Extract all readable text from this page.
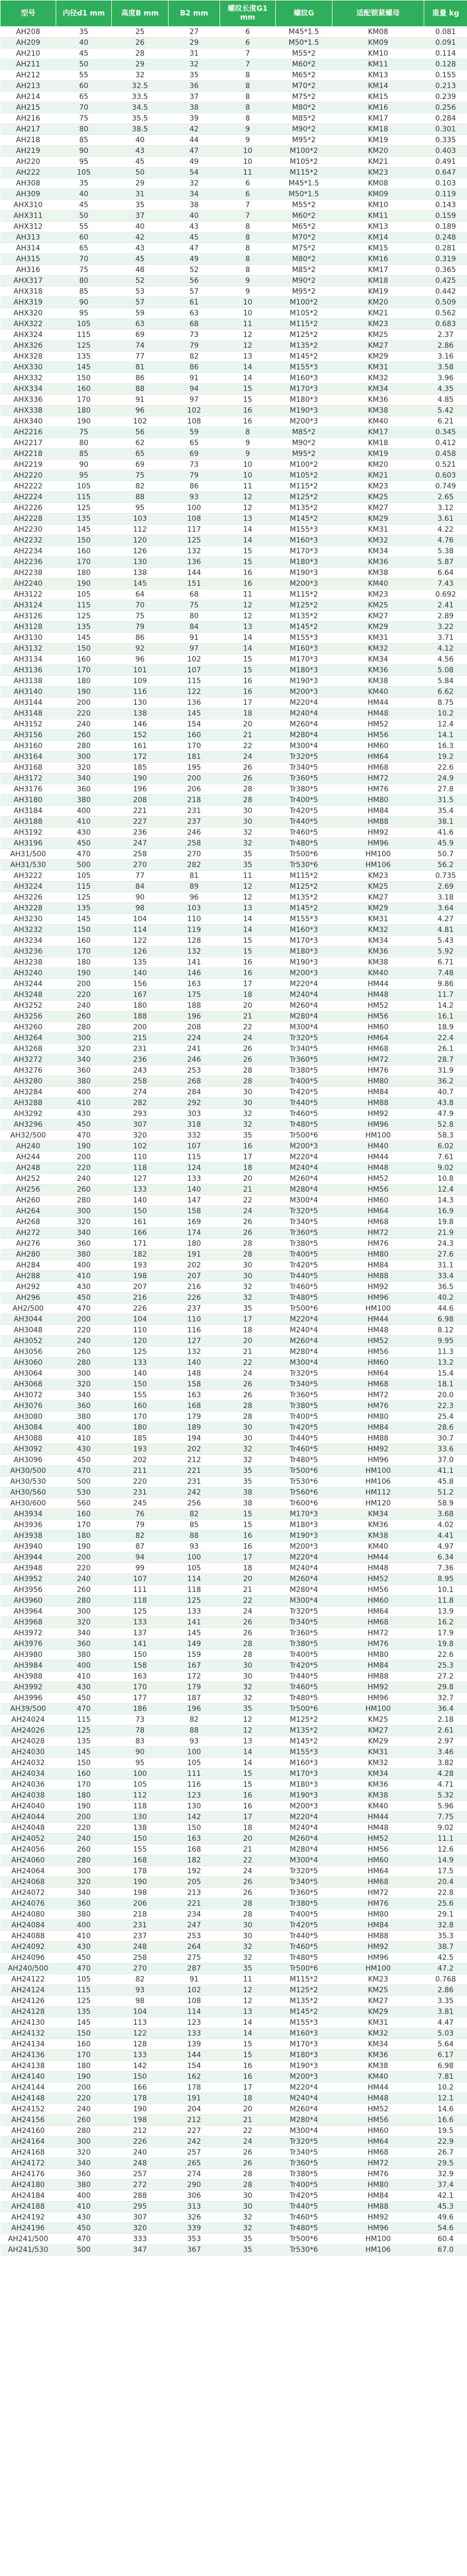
型号	内径d1 mm	高度B mm	B2 mm	螺纹长度G1 mm	螺纹G	适配锁紧螺母	重量 kg
AH208	35	25	27	6	M45*1.5	KM08	0.081
AH209	40	26	29	6	M50*1.5	KM09	0.091
AH210	45	28	31	7	M55*2	KM10	0.114
AH211	50	29	32	7	M60*2	KM11	0.128
AH212	55	32	35	8	M65*2	KM13	0.155
AH213	60	32.5	36	8	M70*2	KM14	0.213
AH214	65	33.5	37	8	M75*2	KM15	0.239
AH215	70	34.5	38	8	M80*2	KM16	0.256
AH216	75	35.5	39	8	M85*2	KM17	0.284
AH217	80	38.5	42	9	M90*2	KM18	0.301
AH218	85	40	44	9	M95*2	KM19	0.335
AH219	90	43	47	10	M100*2	KM20	0.403
AH220	95	45	49	10	M105*2	KM21	0.491
AH222	105	50	54	11	M115*2	KM23	0.647
AH308	35	29	32	6	M45*1.5	KM08	0.103
AH309	40	31	34	6	M50*1.5	KM09	0.119
AHX310	45	35	38	7	M55*2	KM10	0.143
AHX311	50	37	40	7	M60*2	KM11	0.159
AHX312	55	40	43	8	M65*2	KM13	0.189
AH313	60	42	45	8	M70*2	KM14	0.248
AH314	65	43	47	8	M75*2	KM15	0.281
AH315	70	45	49	8	M80*2	KM16	0.319
AH316	75	48	52	8	M85*2	KM17	0.365
AHX317	80	52	56	9	M90*2	KM18	0.425
AHX318	85	53	57	9	M95*2	KM19	0.442
AHX319	90	57	61	10	M100*2	KM20	0.509
AHX320	95	59	63	10	M105*2	KM21	0.562
AHX322	105	63	68	11	M115*2	KM23	0.683
AHX324	115	69	73	12	M125*2	KM25	2.37
AHX326	125	74	79	12	M135*2	KM27	2.86
AHX328	135	77	82	13	M145*2	KM29	3.16
AHX330	145	81	86	14	M155*3	KM31	3.58
AHX332	150	86	91	14	M160*3	KM32	3.96
AHX334	160	88	94	15	M170*3	KM34	4.35
AHX336	170	91	97	15	M180*3	KM36	4.85
AHX338	180	96	102	16	M190*3	KM38	5.42
AHX340	190	102	108	16	M200*3	KM40	6.21
AH2216	75	56	59	8	M85*2	KM17	0.345
AH2217	80	62	65	9	M90*2	KM18	0.412
AH2218	85	65	69	9	M95*2	KM19	0.458
AH2219	90	69	73	10	M100*2	KM20	0.521
AH2220	95	75	79	10	M105*2	KM21	0.603
AH2222	105	82	86	11	M115*2	KM23	0.749
AH2224	115	88	93	12	M125*2	KM25	2.65
AH2226	125	95	100	12	M135*2	KM27	3.12
AH2228	135	103	108	13	M145*2	KM29	3.61
AH2230	145	112	117	14	M155*3	KM31	4.22
AH2232	150	120	125	14	M160*3	KM32	4.76
AH2234	160	126	132	15	M170*3	KM34	5.38
AH2236	170	130	136	15	M180*3	KM36	5.87
AH2238	180	138	144	16	M190*3	KM38	6.64
AH2240	190	145	151	16	M200*3	KM40	7.43
AH3122	105	64	68	11	M115*2	KM23	0.692
AH3124	115	70	75	12	M125*2	KM25	2.41
AH3126	125	75	80	12	M135*2	KM27	2.89
AH3128	135	79	84	13	M145*2	KM29	3.22
AH3130	145	86	91	14	M155*3	KM31	3.71
AH3132	150	92	97	14	M160*3	KM32	4.12
AH3134	160	96	102	15	M170*3	KM34	4.56
AH3136	170	101	107	15	M180*3	KM36	5.08
AH3138	180	109	115	16	M190*3	KM38	5.84
AH3140	190	116	122	16	M200*3	KM40	6.62
AH3144	200	130	136	17	M220*4	HM44	8.75
AH3148	220	138	145	18	M240*4	HM48	10.2
AH3152	240	146	154	20	M260*4	HM52	12.4
AH3156	260	152	160	21	M280*4	HM56	14.1
AH3160	280	161	170	22	M300*4	HM60	16.3
AH3164	300	172	181	24	Tr320*5	HM64	19.2
AH3168	320	185	195	26	Tr340*5	HM68	22.6
AH3172	340	190	200	26	Tr360*5	HM72	24.9
AH3176	360	196	206	28	Tr380*5	HM76	27.8
AH3180	380	208	218	28	Tr400*5	HM80	31.5
AH3184	400	221	231	30	Tr420*5	HM84	35.4
AH3188	410	227	237	30	Tr440*5	HM88	38.1
AH3192	430	236	246	32	Tr460*5	HM92	41.6
AH3196	450	247	258	32	Tr480*5	HM96	45.9
AH31/500	470	258	270	35	Tr500*6	HM100	50.7
AH31/530	500	270	282	35	Tr530*6	HM106	56.2
AH3222	105	77	81	11	M115*2	KM23	0.735
AH3224	115	84	89	12	M125*2	KM25	2.69
AH3226	125	90	96	12	M135*2	KM27	3.18
AH3228	135	98	103	13	M145*2	KM29	3.64
AH3230	145	104	110	14	M155*3	KM31	4.27
AH3232	150	114	119	14	M160*3	KM32	4.81
AH3234	160	122	128	15	M170*3	KM34	5.43
AH3236	170	126	132	15	M180*3	KM36	5.92
AH3238	180	135	141	16	M190*3	KM38	6.71
AH3240	190	140	146	16	M200*3	KM40	7.48
AH3244	200	156	163	17	M220*4	HM44	9.86
AH3248	220	167	175	18	M240*4	HM48	11.7
AH3252	240	180	188	20	M260*4	HM52	14.2
AH3256	260	188	196	21	M280*4	HM56	16.1
AH3260	280	200	208	22	M300*4	HM60	18.9
AH3264	300	215	224	24	Tr320*5	HM64	22.4
AH3268	320	231	241	26	Tr340*5	HM68	26.1
AH3272	340	236	246	26	Tr360*5	HM72	28.7
AH3276	360	243	253	28	Tr380*5	HM76	31.9
AH3280	380	258	268	28	Tr400*5	HM80	36.2
AH3284	400	274	284	30	Tr420*5	HM84	40.7
AH3288	410	282	292	30	Tr440*5	HM88	43.8
AH3292	430	293	303	32	Tr460*5	HM92	47.9
AH3296	450	307	318	32	Tr480*5	HM96	52.8
AH32/500	470	320	332	35	Tr500*6	HM100	58.3
AH240	190	102	107	16	M200*3	HM40	6.02
AH244	200	110	115	17	M220*4	HM44	7.61
AH248	220	118	124	18	M240*4	HM48	9.02
AH252	240	127	133	20	M260*4	HM52	10.8
AH256	260	133	140	21	M280*4	HM56	12.4
AH260	280	140	147	22	M300*4	HM60	14.3
AH264	300	150	158	24	Tr320*5	HM64	16.9
AH268	320	161	169	26	Tr340*5	HM68	19.8
AH272	340	166	174	26	Tr360*5	HM72	21.9
AH276	360	171	180	28	Tr380*5	HM76	24.3
AH280	380	182	191	28	Tr400*5	HM80	27.6
AH284	400	193	202	30	Tr420*5	HM84	31.1
AH288	410	198	207	30	Tr440*5	HM88	33.4
AH292	430	207	216	32	Tr460*5	HM92	36.5
AH296	450	216	226	32	Tr480*5	HM96	40.2
AH2/500	470	226	237	35	Tr500*6	HM100	44.6
AH3044	200	104	110	17	M220*4	HM44	6.98
AH3048	220	110	116	18	M240*4	HM48	8.12
AH3052	240	120	127	20	M260*4	HM52	9.95
AH3056	260	125	132	21	M280*4	HM56	11.3
AH3060	280	133	140	22	M300*4	HM60	13.2
AH3064	300	140	148	24	Tr320*5	HM64	15.4
AH3068	320	150	158	26	Tr340*5	HM68	18.1
AH3072	340	155	163	26	Tr360*5	HM72	20.0
AH3076	360	160	168	28	Tr380*5	HM76	22.3
AH3080	380	170	179	28	Tr400*5	HM80	25.4
AH3084	400	180	189	30	Tr420*5	HM84	28.6
AH3088	410	185	194	30	Tr440*5	HM88	30.7
AH3092	430	193	202	32	Tr460*5	HM92	33.6
AH3096	450	202	212	32	Tr480*5	HM96	37.0
AH30/500	470	211	221	35	Tr500*6	HM100	41.1
AH30/530	500	220	231	35	Tr530*6	HM106	45.8
AH30/560	530	231	242	38	Tr560*6	HM112	51.2
AH30/600	560	245	256	38	Tr600*6	HM120	58.9
AH3934	160	76	82	15	M170*3	KM34	3.68
AH3936	170	79	85	15	M180*3	KM36	4.02
AH3938	180	82	88	16	M190*3	KM38	4.41
AH3940	190	87	93	16	M200*3	KM40	4.97
AH3944	200	94	100	17	M220*4	HM44	6.34
AH3948	220	99	105	18	M240*4	HM48	7.36
AH3952	240	107	114	20	M260*4	HM52	8.95
AH3956	260	111	118	21	M280*4	HM56	10.1
AH3960	280	118	125	22	M300*4	HM60	11.8
AH3964	300	125	133	24	Tr320*5	HM64	13.9
AH3968	320	133	141	26	Tr340*5	HM68	16.2
AH3972	340	137	145	26	Tr360*5	HM72	17.9
AH3976	360	141	149	28	Tr380*5	HM76	19.8
AH3980	380	150	159	28	Tr400*5	HM80	22.6
AH3984	400	158	167	30	Tr420*5	HM84	25.3
AH3988	410	163	172	30	Tr440*5	HM88	27.2
AH3992	430	170	179	32	Tr460*5	HM92	29.8
AH3996	450	177	187	32	Tr480*5	HM96	32.7
AH39/500	470	186	196	35	Tr500*6	HM100	36.4
AH24024	115	73	82	12	M125*2	KM25	2.18
AH24026	125	78	88	12	M135*2	KM27	2.61
AH24028	135	83	93	13	M145*2	KM29	2.97
AH24030	145	90	100	14	M155*3	KM31	3.46
AH24032	150	95	105	14	M160*3	KM32	3.82
AH24034	160	100	111	15	M170*3	KM34	4.28
AH24036	170	105	116	15	M180*3	KM36	4.71
AH24038	180	112	123	16	M190*3	KM38	5.32
AH24040	190	118	130	16	M200*3	KM40	5.96
AH24044	200	130	142	17	M220*4	HM44	7.75
AH24048	220	138	150	18	M240*4	HM48	9.02
AH24052	240	150	163	20	M260*4	HM52	11.1
AH24056	260	155	168	21	M280*4	HM56	12.6
AH24060	280	168	182	22	M300*4	HM60	14.9
AH24064	300	178	192	24	Tr320*5	HM64	17.5
AH24068	320	190	205	26	Tr340*5	HM68	20.4
AH24072	340	198	213	26	Tr360*5	HM72	22.8
AH24076	360	206	221	28	Tr380*5	HM76	25.6
AH24080	380	218	234	28	Tr400*5	HM80	29.1
AH24084	400	231	247	30	Tr420*5	HM84	32.8
AH24088	410	237	253	30	Tr440*5	HM88	35.3
AH24092	430	248	264	32	Tr460*5	HM92	38.7
AH24096	450	258	275	32	Tr480*5	HM96	42.5
AH240/500	470	270	287	35	Tr500*6	HM100	47.2
AH24122	105	82	91	11	M115*2	KM23	0.768
AH24124	115	93	102	12	M125*2	KM25	2.86
AH24126	125	98	108	12	M135*2	KM27	3.35
AH24128	135	104	114	13	M145*2	KM29	3.81
AH24130	145	113	123	14	M155*3	KM31	4.47
AH24132	150	122	133	14	M160*3	KM32	5.03
AH24134	160	128	139	15	M170*3	KM34	5.64
AH24136	170	133	144	15	M180*3	KM36	6.17
AH24138	180	142	154	16	M190*3	KM38	6.98
AH24140	190	150	162	16	M200*3	KM40	7.81
AH24144	200	166	178	17	M220*4	HM44	10.2
AH24148	220	178	191	18	M240*4	HM48	12.1
AH24152	240	190	204	20	M260*4	HM52	14.6
AH24156	260	198	212	21	M280*4	HM56	16.6
AH24160	280	212	227	22	M300*4	HM60	19.5
AH24164	300	226	242	24	Tr320*5	HM64	22.9
AH24168	320	240	257	26	Tr340*5	HM68	26.7
AH24172	340	248	265	26	Tr360*5	HM72	29.5
AH24176	360	257	274	28	Tr380*5	HM76	32.9
AH24180	380	272	290	28	Tr400*5	HM80	37.4
AH24184	400	288	306	30	Tr420*5	HM84	42.1
AH24188	410	295	313	30	Tr440*5	HM88	45.3
AH24192	430	307	326	32	Tr460*5	HM92	49.6
AH24196	450	320	339	32	Tr480*5	HM96	54.6
AH241/500	470	333	353	35	Tr500*6	HM100	60.4
AH241/530	500	347	367	35	Tr530*6	HM106	67.0
